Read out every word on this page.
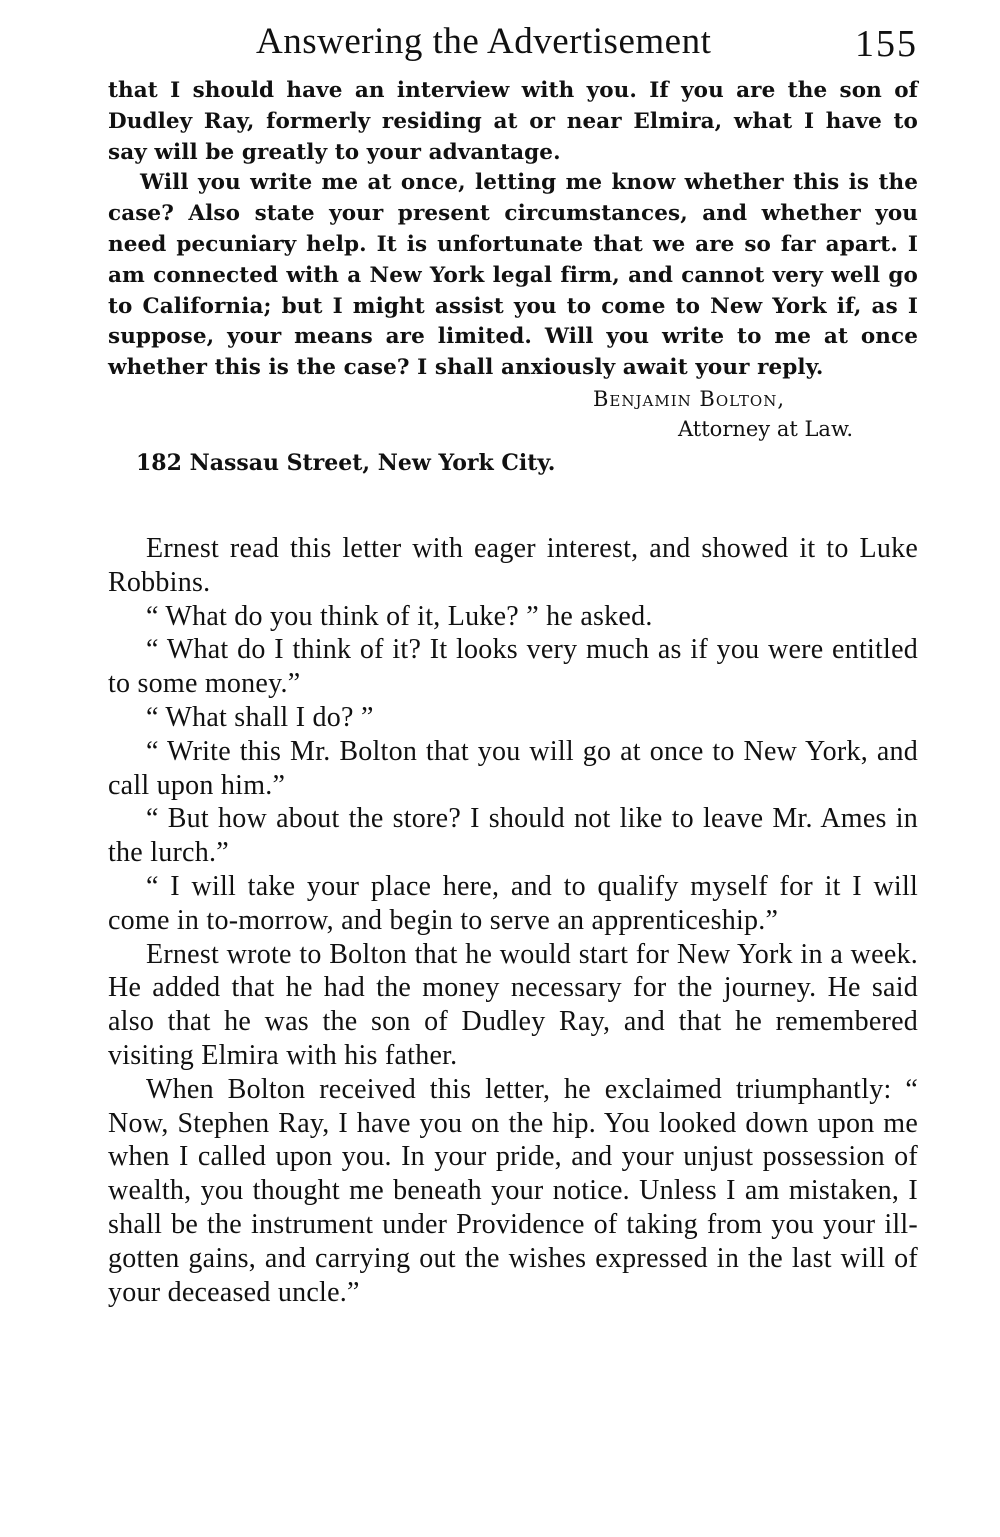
Answering the Advertisement	155

that I should have an interview with you. If you are the son of Dudley Ray, formerly residing at or near Elmira, what I have to say will be greatly to your advantage.

Will you write me at once, letting me know whether this is the case? Also state your present circumstances, and whether you need pecuniary help. It is unfortunate that we are so far apart. I am connected with a New York legal firm, and cannot very well go to California; but I might assist you to come to New York if, as I suppose, your means are limited. Will you write to me at once whether this is the case? I shall anxiously await your reply.

Benjamin Bolton,
Attorney at Law.
182 Nassau Street, New York City.

Ernest read this letter with eager interest, and showed it to Luke Robbins.

“ What do you think of it, Luke? ” he asked.

“ What do I think of it? It looks very much as if you were entitled to some money.”

“ What shall I do? ”

“ Write this Mr. Bolton that you will go at once to New York, and call upon him.”

“ But how about the store? I should not like to leave Mr. Ames in the lurch.”

“ I will take your place here, and to qualify myself for it I will come in to-morrow, and begin to serve an apprenticeship.”

Ernest wrote to Bolton that he would start for New York in a week. He added that he had the money necessary for the journey. He said also that he was the son of Dudley Ray, and that he remembered visiting Elmira with his father.

When Bolton received this letter, he exclaimed triumphantly: “ Now, Stephen Ray, I have you on the hip. You looked down upon me when I called upon you. In your pride, and your unjust possession of wealth, you thought me beneath your notice. Unless I am mistaken, I shall be the instrument under Providence of taking from you your ill-gotten gains, and carrying out the wishes expressed in the last will of your deceased uncle.”
